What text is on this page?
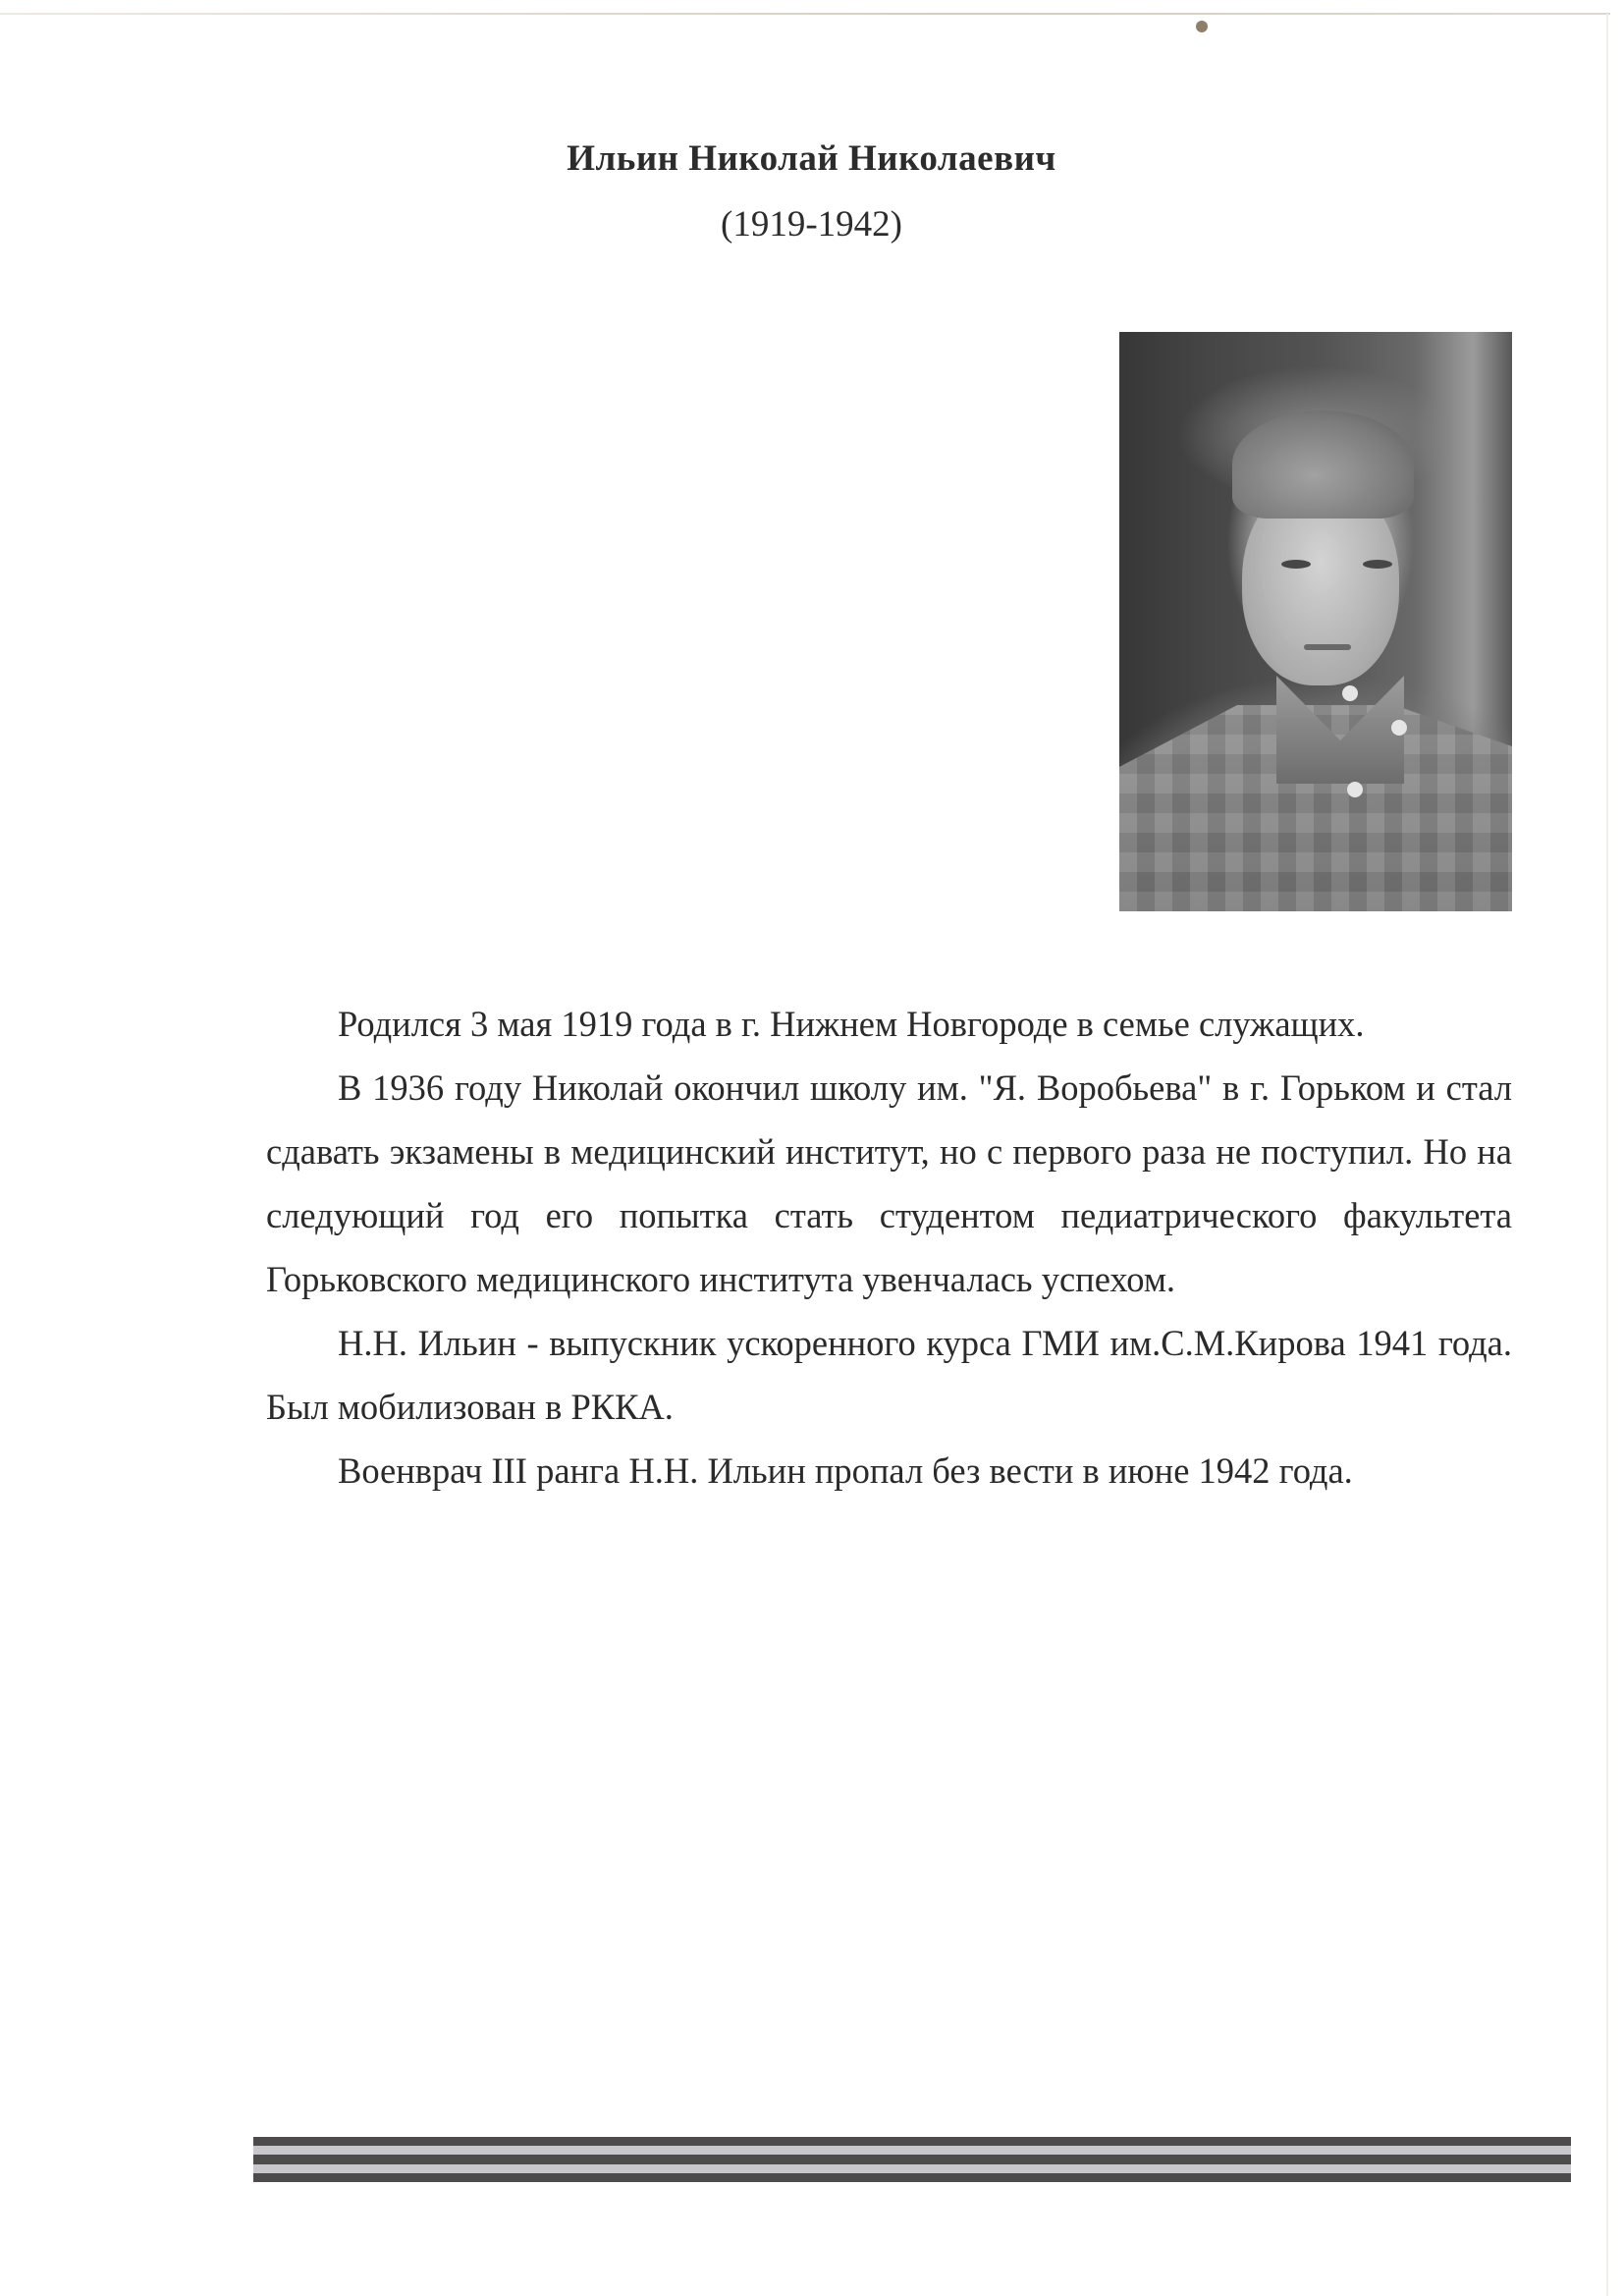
Ильин Николай Николаевич
(1919-1942)

Родился 3 мая 1919 года в г. Нижнем Новгороде в семье служащих.

В 1936 году Николай окончил школу им. "Я. Воробьева" в г. Горьком и стал сдавать экзамены в медицинский институт, но с первого раза не поступил. Но на следующий год его попытка стать студентом педиатрического факультета Горьковского медицинского института увенчалась успехом.

Н.Н. Ильин - выпускник ускоренного курса ГМИ им.С.М.Кирова 1941 года. Был мобилизован в РККА.

Военврач III ранга Н.Н. Ильин пропал без вести в июне 1942 года.
